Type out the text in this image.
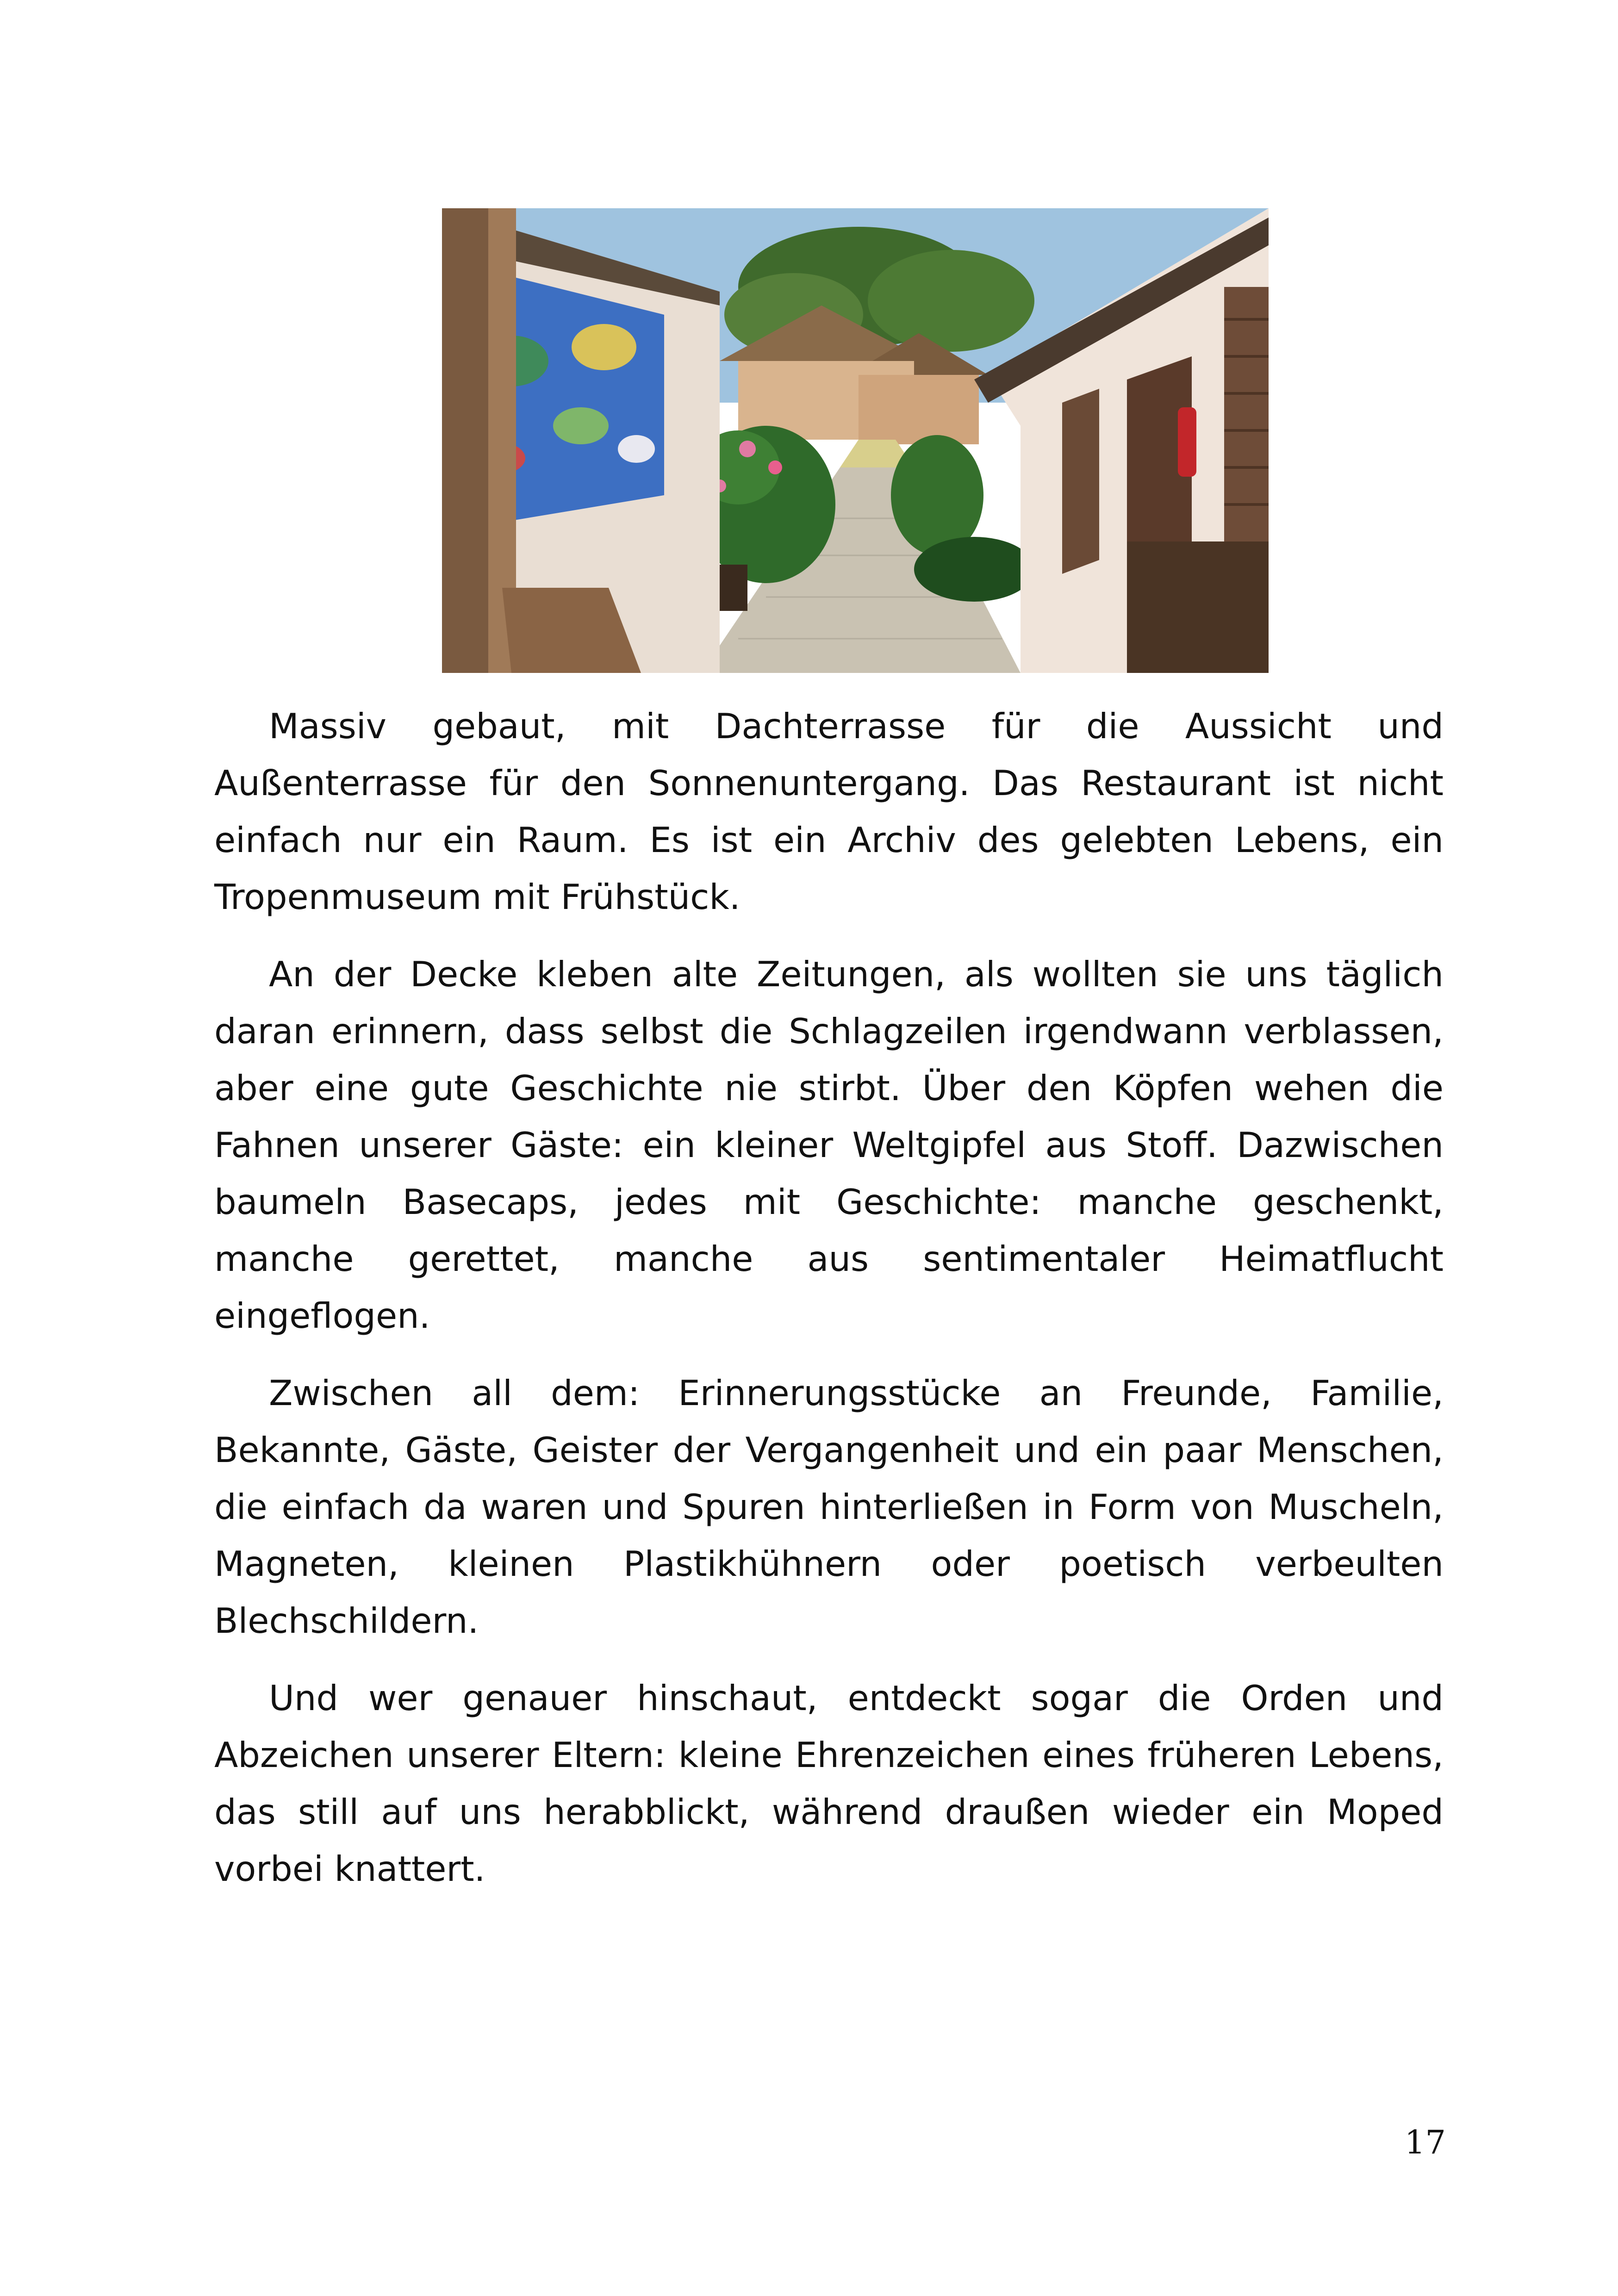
Massiv gebaut, mit Dachterrasse für die Aussicht und Außenterrasse für den Sonnenuntergang. Das Restaurant ist nicht einfach nur ein Raum. Es ist ein Archiv des gelebten Lebens, ein Tropenmuseum mit Frühstück.

An der Decke kleben alte Zeitungen, als wollten sie uns täglich daran erinnern, dass selbst die Schlagzeilen irgendwann verblassen, aber eine gute Geschichte nie stirbt. Über den Köpfen wehen die Fahnen unserer Gäste: ein kleiner Weltgipfel aus Stoff. Dazwischen baumeln Basecaps, jedes mit Geschichte: manche geschenkt, manche gerettet, manche aus sentimentaler Heimatflucht eingeflogen.

Zwischen all dem: Erinnerungsstücke an Freunde, Familie, Bekannte, Gäste, Geister der Vergangenheit und ein paar Menschen, die einfach da waren und Spuren hinterließen in Form von Muscheln, Magneten, kleinen Plastikhühnern oder poetisch verbeulten Blechschildern.

Und wer genauer hinschaut, entdeckt sogar die Orden und Abzeichen unserer Eltern: kleine Ehrenzeichen eines früheren Lebens, das still auf uns herabblickt, während draußen wieder ein Moped vorbei knattert.

17
